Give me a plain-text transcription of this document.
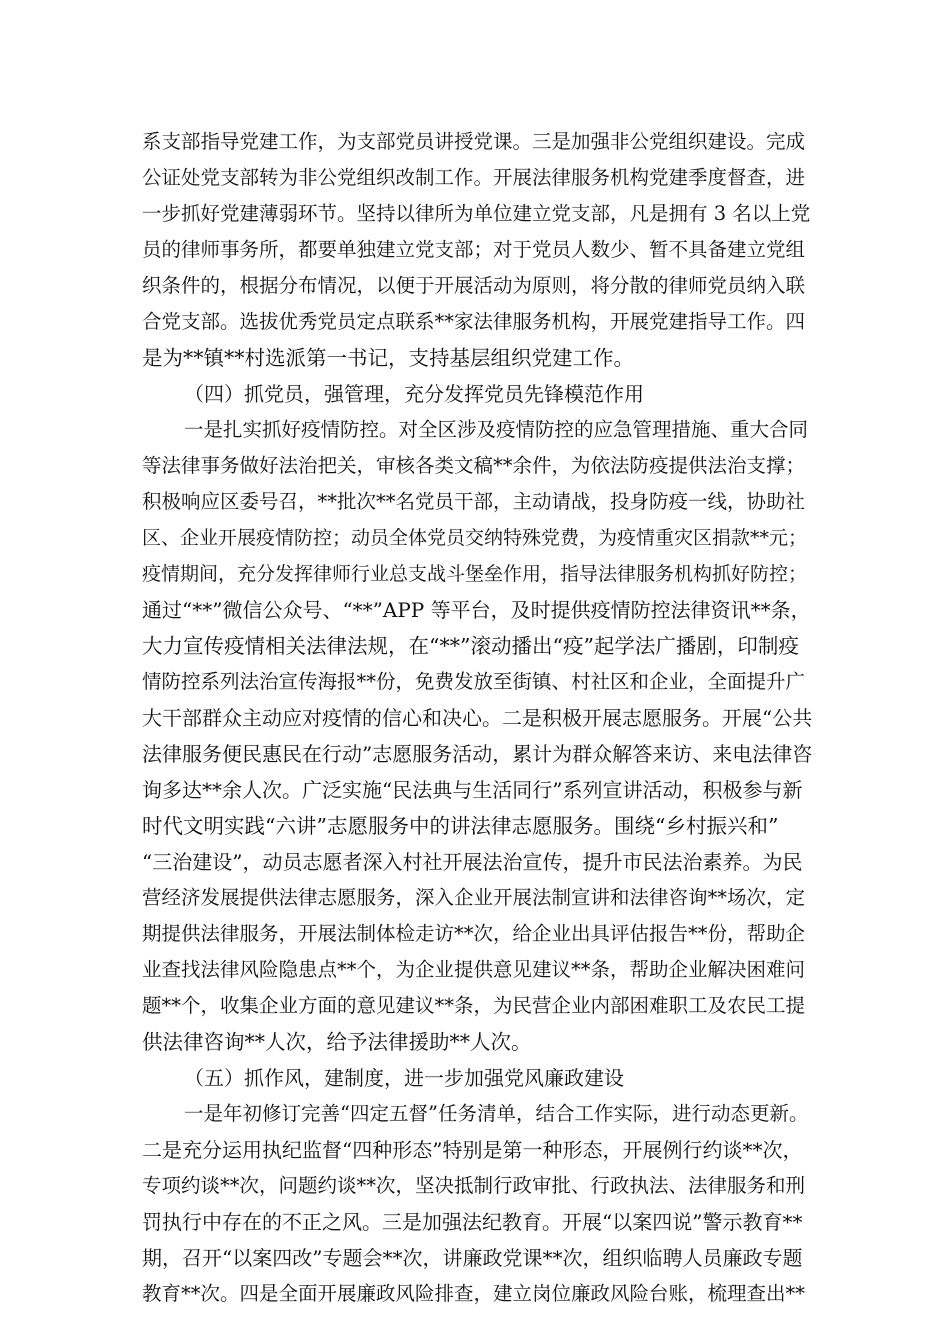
系支部指导党建工作，为支部党员讲授党课。三是加强非公党组织建设。完成
公证处党支部转为非公党组织改制工作。开展法律服务机构党建季度督查，进
一步抓好党建薄弱环节。坚持以律所为单位建立党支部，凡是拥有 3 名以上党
员的律师事务所，都要单独建立党支部；对于党员人数少、暂不具备建立党组
织条件的，根据分布情况，以便于开展活动为原则，将分散的律师党员纳入联
合党支部。选拔优秀党员定点联系**家法律服务机构，开展党建指导工作。四
是为**镇**村选派第一书记，支持基层组织党建工作。
（四）抓党员，强管理，充分发挥党员先锋模范作用
一是扎实抓好疫情防控。对全区涉及疫情防控的应急管理措施、重大合同
等法律事务做好法治把关，审核各类文稿**余件，为依法防疫提供法治支撑；
积极响应区委号召，**批次**名党员干部，主动请战，投身防疫一线，协助社
区、企业开展疫情防控；动员全体党员交纳特殊党费，为疫情重灾区捐款**元；
疫情期间，充分发挥律师行业总支战斗堡垒作用，指导法律服务机构抓好防控；
通过“**”微信公众号、“**”APP 等平台，及时提供疫情防控法律资讯**条，
大力宣传疫情相关法律法规，在“**”滚动播出“疫”起学法广播剧，印制疫
情防控系列法治宣传海报**份，免费发放至街镇、村社区和企业，全面提升广
大干部群众主动应对疫情的信心和决心。二是积极开展志愿服务。开展“公共
法律服务便民惠民在行动”志愿服务活动，累计为群众解答来访、来电法律咨
询多达**余人次。广泛实施“民法典与生活同行”系列宣讲活动，积极参与新
时代文明实践“六讲”志愿服务中的讲法律志愿服务。围绕“乡村振兴和”
“三治建设”，动员志愿者深入村社开展法治宣传，提升市民法治素养。为民
营经济发展提供法律志愿服务，深入企业开展法制宣讲和法律咨询**场次，定
期提供法律服务，开展法制体检走访**次，给企业出具评估报告**份，帮助企
业查找法律风险隐患点**个，为企业提供意见建议**条，帮助企业解决困难问
题**个，收集企业方面的意见建议**条，为民营企业内部困难职工及农民工提
供法律咨询**人次，给予法律援助**人次。
（五）抓作风，建制度，进一步加强党风廉政建设
一是年初修订完善“四定五督”任务清单，结合工作实际，进行动态更新。
二是充分运用执纪监督“四种形态”特别是第一种形态，开展例行约谈**次，
专项约谈**次，问题约谈**次，坚决抵制行政审批、行政执法、法律服务和刑
罚执行中存在的不正之风。三是加强法纪教育。开展“以案四说”警示教育**
期，召开“以案四改”专题会**次，讲廉政党课**次，组织临聘人员廉政专题
教育**次。四是全面开展廉政风险排查，建立岗位廉政风险台账，梳理查出**
